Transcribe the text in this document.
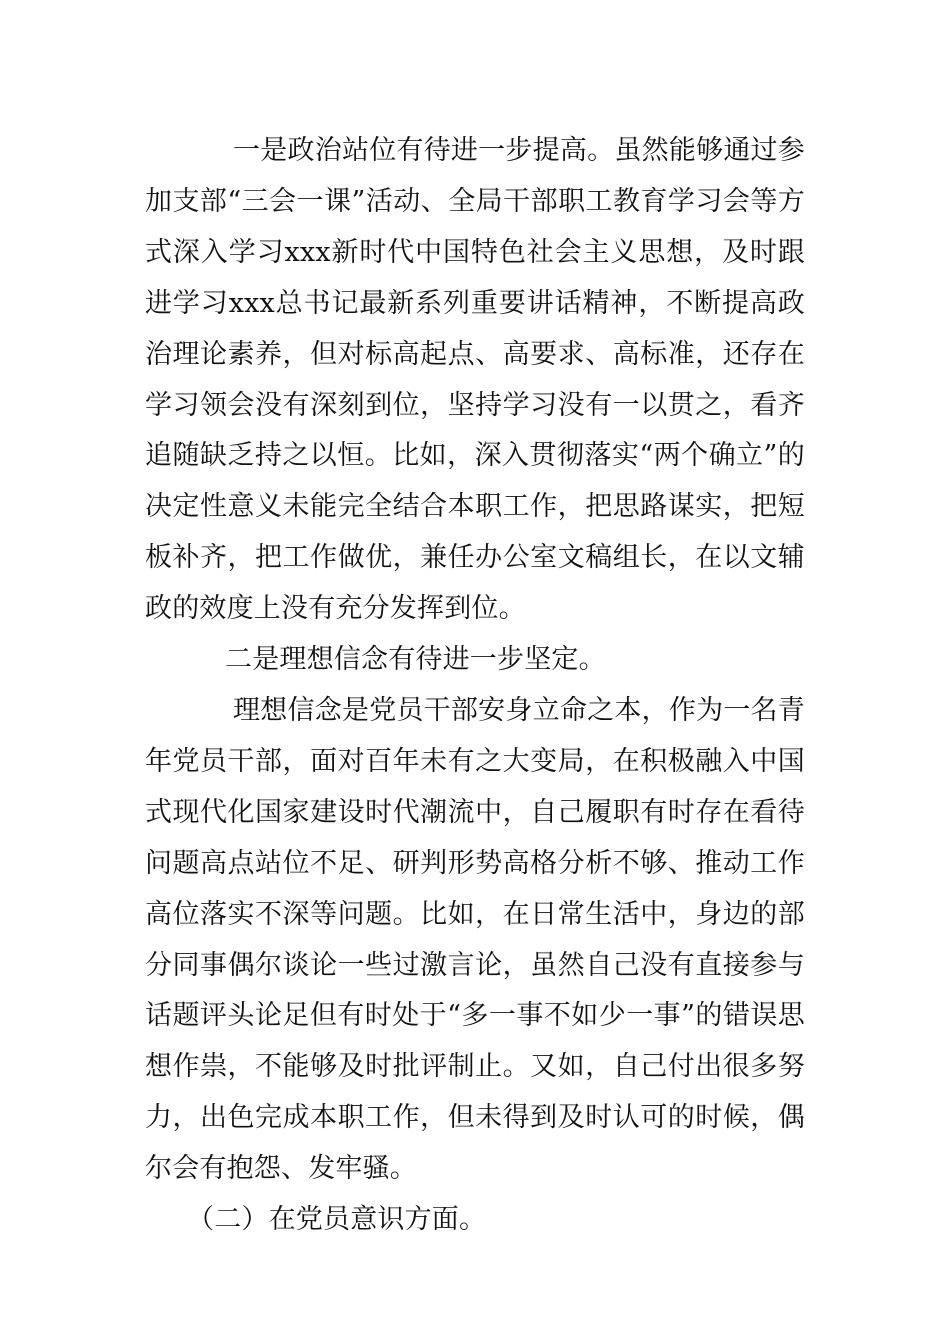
一是政治站位有待进一步提高。虽然能够通过参加支部“三会一课”活动、全局干部职工教育学习会等方式深入学习xxx新时代中国特色社会主义思想，及时跟进学习xxx总书记最新系列重要讲话精神，不断提高政治理论素养，但对标高起点、高要求、高标准，还存在学习领会没有深刻到位，坚持学习没有一以贯之，看齐追随缺乏持之以恒。比如，深入贯彻落实“两个确立”的决定性意义未能完全结合本职工作，把思路谋实，把短板补齐，把工作做优，兼任办公室文稿组长，在以文辅政的效度上没有充分发挥到位。

二是理想信念有待进一步坚定。

理想信念是党员干部安身立命之本，作为一名青年党员干部，面对百年未有之大变局，在积极融入中国式现代化国家建设时代潮流中，自己履职有时存在看待问题高点站位不足、研判形势高格分析不够、推动工作高位落实不深等问题。比如，在日常生活中，身边的部分同事偶尔谈论一些过激言论，虽然自己没有直接参与话题评头论足但有时处于“多一事不如少一事”的错误思想作祟，不能够及时批评制止。又如，自己付出很多努力，出色完成本职工作，但未得到及时认可的时候，偶尔会有抱怨、发牢骚。

（二）在党员意识方面。
